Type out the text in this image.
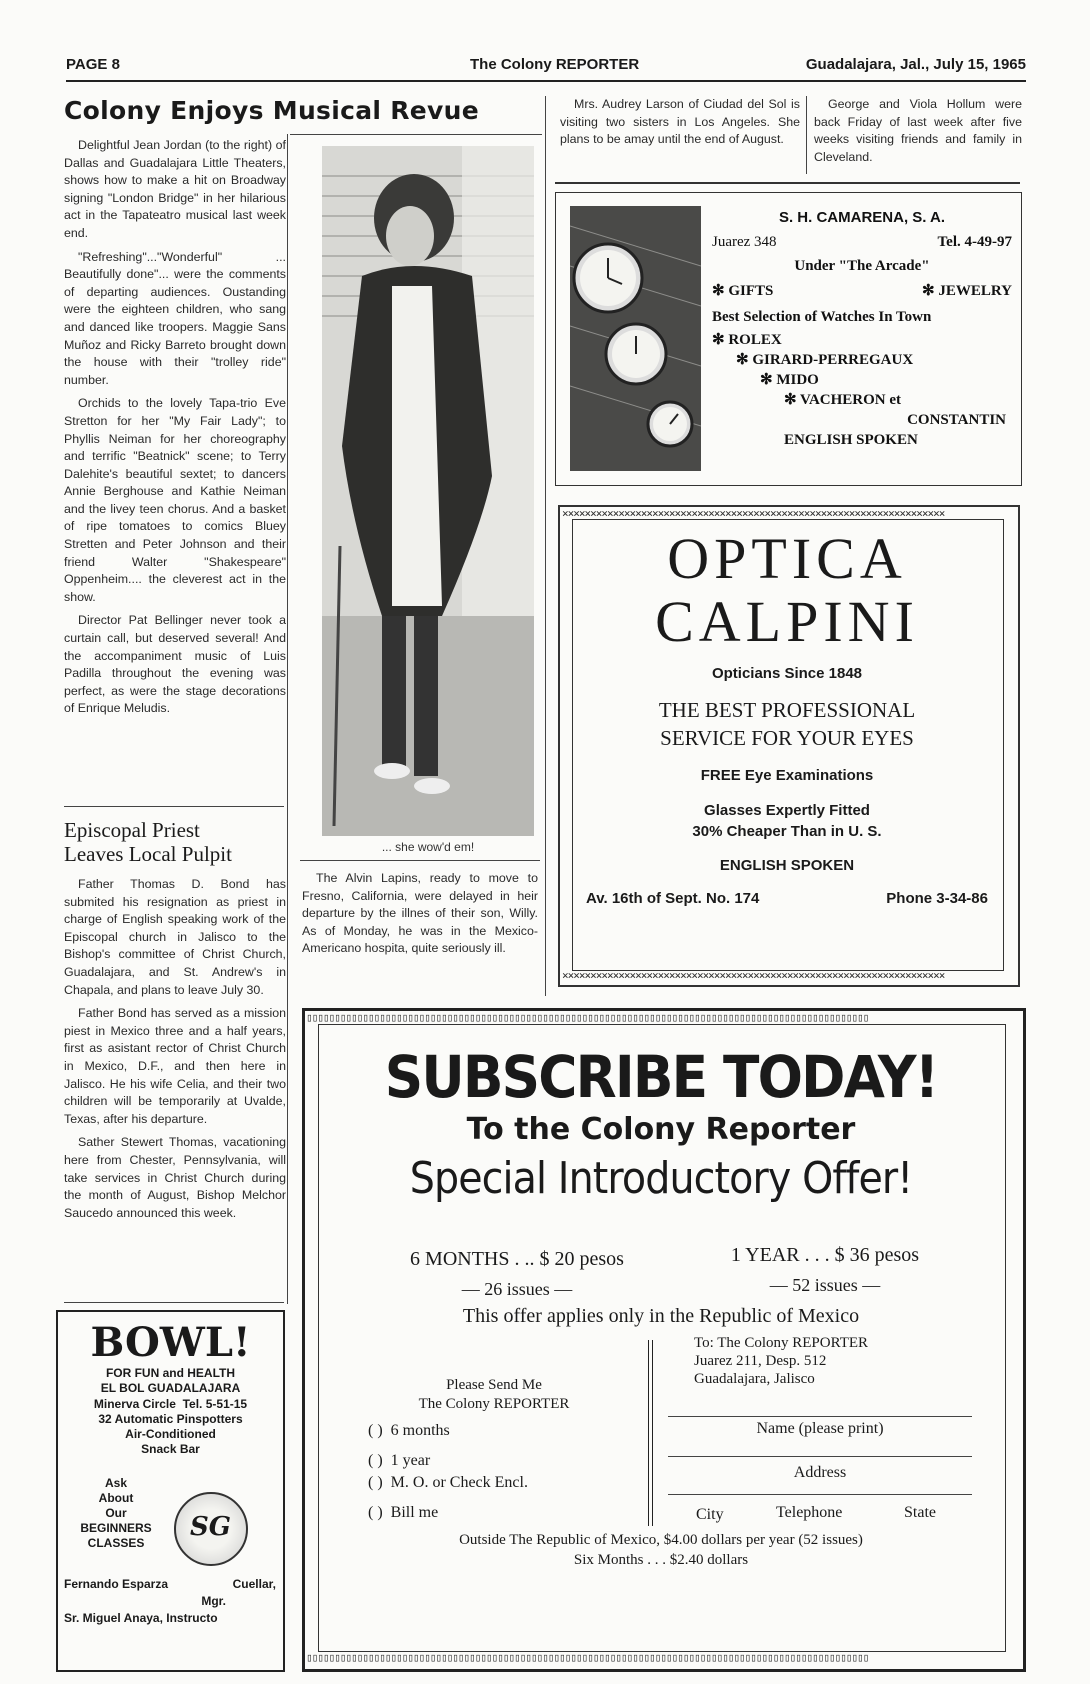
PAGE 8	The Colony REPORTER	Guadalajara, Jal., July 15, 1965
Colony Enjoys Musical Revue

Delightful Jean Jordan (to the right) of Dallas and Guadalajara Little Theaters, shows how to make a hit on Broadway signing "London Bridge" in her hilarious act in the Tapateatro musical last week end.

"Refreshing"..."Wonderful" ... Beautifully done"... were the comments of departing audiences. Oustanding were the eighteen children, who sang and danced like troopers. Maggie Sans Muñoz and Ricky Barreto brought down the house with their "trolley ride" number.

Orchids to the lovely Tapa-trio Eve Stretton for her "My Fair Lady"; to Phyllis Neiman for her choreography and terrific "Beatnick" scene; to Terry Dalehite's beautiful sextet; to dancers Annie Berghouse and Kathie Neiman and the livey teen chorus. And a basket of ripe tomatoes to comics Bluey Stretten and Peter Johnson and their friend Walter "Shakespeare" Oppenheim.... the cleverest act in the show.

Director Pat Bellinger never took a curtain call, but deserved several! And the accompaniment music of Luis Padilla throughout the evening was perfect, as were the stage decorations of Enrique Meludis.

Episcopal Priest
Leaves Local Pulpit

Father Thomas D. Bond has submited his resignation as priest in charge of English speaking work of the Episcopal church in Jalisco to the Bishop's committee of Christ Church, Guadalajara, and St. Andrew's in Chapala, and plans to leave July 30.

Father Bond has served as a mission piest in Mexico three and a half years, first as asistant rector of Christ Church in Mexico, D.F., and then here in Jalisco. He his wife Celia, and their two children will be temporarily at Uvalde, Texas, after his departure.

Sather Stewert Thomas, vacationing here from Chester, Pennsylvania, will take services in Christ Church during the month of August, Bishop Melchor Saucedo announced this week.

BOWL!
FOR FUN and HEALTH
EL BOL GUADALAJARA
Minerva Circle Tel. 5-51-15
32 Automatic Pinspotters
Air-Conditioned
Snack Bar
Ask
About
Our
BEGINNERS
CLASSES
SG
Fernando Esparza	Cuellar,
Mgr.
Sr. Miguel Anaya, Instructo
... she wow'd em!

The Alvin Lapins, ready to move to Fresno, California, were delayed in heir departure by the illnes of their son, Willy. As of Monday, he was in the Mexico-Americano hospita, quite seriously ill.

Mrs. Audrey Larson of Ciudad del Sol is visiting two sisters in Los Angeles. She plans to be amay until the end of August.

George and Viola Hollum were back Friday of last week after five weeks visiting friends and family in Cleveland.

S. H. CAMARENA, S. A.
Juarez 348	Tel. 4-49-97
Under "The Arcade"
✻ GIFTS	✻ JEWELRY
Best Selection of Watches In Town
✻ ROLEX
✻ GIRARD-PERREGAUX
✻ MIDO
✻ VACHERON et
CONSTANTIN
ENGLISH SPOKEN
⨯⨯⨯⨯⨯⨯⨯⨯⨯⨯⨯⨯⨯⨯⨯⨯⨯⨯⨯⨯⨯⨯⨯⨯⨯⨯⨯⨯⨯⨯⨯⨯⨯⨯⨯⨯⨯⨯⨯⨯⨯⨯⨯⨯⨯⨯⨯⨯⨯⨯⨯⨯⨯⨯⨯⨯⨯⨯⨯⨯⨯⨯⨯⨯⨯⨯⨯⨯
⨯⨯⨯⨯⨯⨯⨯⨯⨯⨯⨯⨯⨯⨯⨯⨯⨯⨯⨯⨯⨯⨯⨯⨯⨯⨯⨯⨯⨯⨯⨯⨯⨯⨯⨯⨯⨯⨯⨯⨯⨯⨯⨯⨯⨯⨯⨯⨯⨯⨯⨯⨯⨯⨯⨯⨯⨯⨯⨯⨯⨯⨯⨯⨯⨯⨯⨯⨯
OPTICA
CALPINI
Opticians Since 1848
THE BEST PROFESSIONAL
SERVICE FOR YOUR EYES
FREE Eye Examinations
Glasses Expertly Fitted
30% Cheaper Than in U. S.
ENGLISH SPOKEN
Av. 16th of Sept. No. 174	Phone 3-34-86
▯▯▯▯▯▯▯▯▯▯▯▯▯▯▯▯▯▯▯▯▯▯▯▯▯▯▯▯▯▯▯▯▯▯▯▯▯▯▯▯▯▯▯▯▯▯▯▯▯▯▯▯▯▯▯▯▯▯▯▯▯▯▯▯▯▯▯▯▯▯▯▯▯▯▯▯▯▯▯▯▯▯▯▯▯▯▯▯▯▯▯▯▯▯▯▯▯▯▯▯
▯▯▯▯▯▯▯▯▯▯▯▯▯▯▯▯▯▯▯▯▯▯▯▯▯▯▯▯▯▯▯▯▯▯▯▯▯▯▯▯▯▯▯▯▯▯▯▯▯▯▯▯▯▯▯▯▯▯▯▯▯▯▯▯▯▯▯▯▯▯▯▯▯▯▯▯▯▯▯▯▯▯▯▯▯▯▯▯▯▯▯▯▯▯▯▯▯▯▯▯
SUBSCRIBE TODAY!
To the Colony Reporter
Special Introductory Offer!
6 MONTHS . .. $ 20 pesos
— 26 issues —
1 YEAR . . . $ 36 pesos
— 52 issues —
This offer applies only in the Republic of Mexico
Please Send Me
The Colony REPORTER
( ) 6 months
( ) 1 year
( ) M. O. or Check Encl.
( ) Bill me
To: The Colony REPORTER
Juarez 211, Desp. 512
Guadalajara, Jalisco
Name (please print)
Address
City	Telephone	State
Outside The Republic of Mexico, $4.00 dollars per year (52 issues)
Six Months . . . $2.40 dollars
